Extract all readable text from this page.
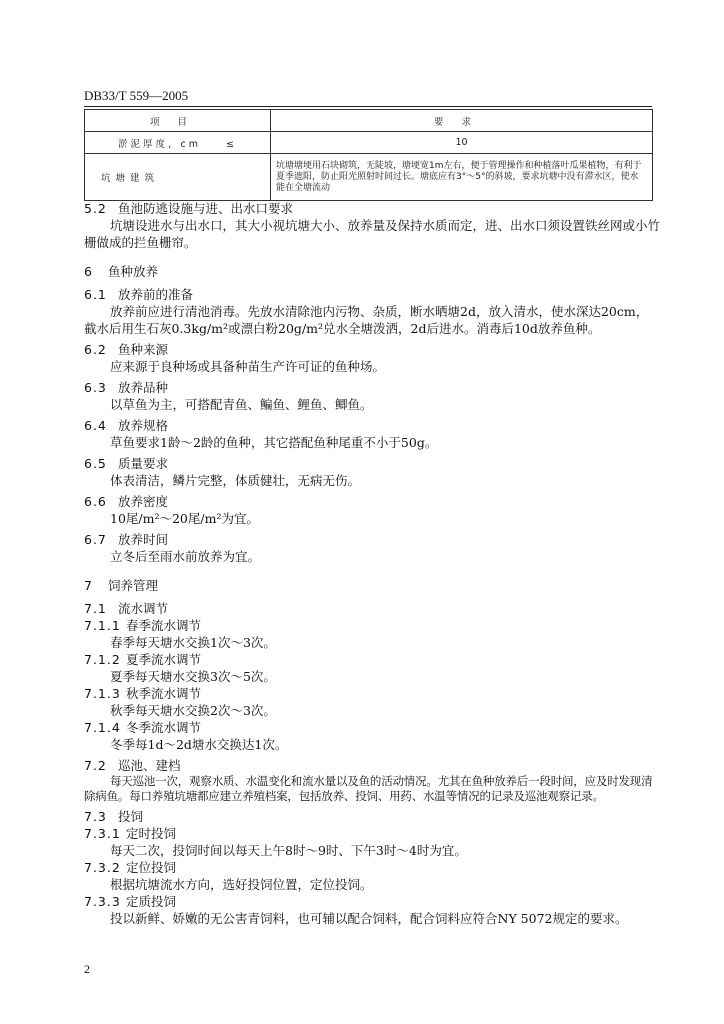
DB33/T 559—2005
项目	要求
淤泥厚度，cm　　≤	10
坑塘建筑	坑塘塘埂用石块砌筑，无陡坡，塘埂宽1m左右，便于管理操作和种植落叶瓜果植物，有利于夏季遮阳，防止阳光照射时间过长。塘底应有3°～5°的斜坡，要求坑塘中没有滞水区，使水能在全塘流动

5.2 鱼池防逃设施与进、出水口要求

坑塘设进水与出水口，其大小视坑塘大小、放养量及保持水质而定，进、出水口须设置铁丝网或小竹栅做成的拦鱼栅帘。

6 鱼种放养

6.1 放养前的准备

放养前应进行清池消毒。先放水清除池内污物、杂质，断水晒塘2d，放入清水，使水深达20cm，截水后用生石灰0.3kg/m²或漂白粉20g/m²兑水全塘泼洒，2d后进水。消毒后10d放养鱼种。

6.2 鱼种来源

应来源于良种场或具备种苗生产许可证的鱼种场。

6.3 放养品种

以草鱼为主，可搭配青鱼、鳊鱼、鲤鱼、鲫鱼。

6.4 放养规格

草鱼要求1龄～2龄的鱼种，其它搭配鱼种尾重不小于50g。

6.5 质量要求

体表清洁，鳞片完整，体质健壮，无病无伤。

6.6 放养密度

10尾/m²～20尾/m²为宜。

6.7 放养时间

立冬后至雨水前放养为宜。

7 饲养管理

7.1 流水调节

7.1.1 春季流水调节

春季每天塘水交换1次～3次。

7.1.2 夏季流水调节

夏季每天塘水交换3次～5次。

7.1.3 秋季流水调节

秋季每天塘水交换2次～3次。

7.1.4 冬季流水调节

冬季每1d～2d塘水交换达1次。

7.2 巡池、建档

每天巡池一次，观察水质、水温变化和流水量以及鱼的活动情况。尤其在鱼种放养后一段时间，应及时发现清除病鱼。每口养殖坑塘都应建立养殖档案，包括放养、投饲、用药、水温等情况的记录及巡池观察记录。

7.3 投饲

7.3.1 定时投饲

每天二次，投饲时间以每天上午8时～9时、下午3时～4时为宜。

7.3.2 定位投饲

根据坑塘流水方向，选好投饲位置，定位投饲。

7.3.3 定质投饲

投以新鲜、娇嫩的无公害青饲料，也可辅以配合饲料，配合饲料应符合NY 5072规定的要求。

2
